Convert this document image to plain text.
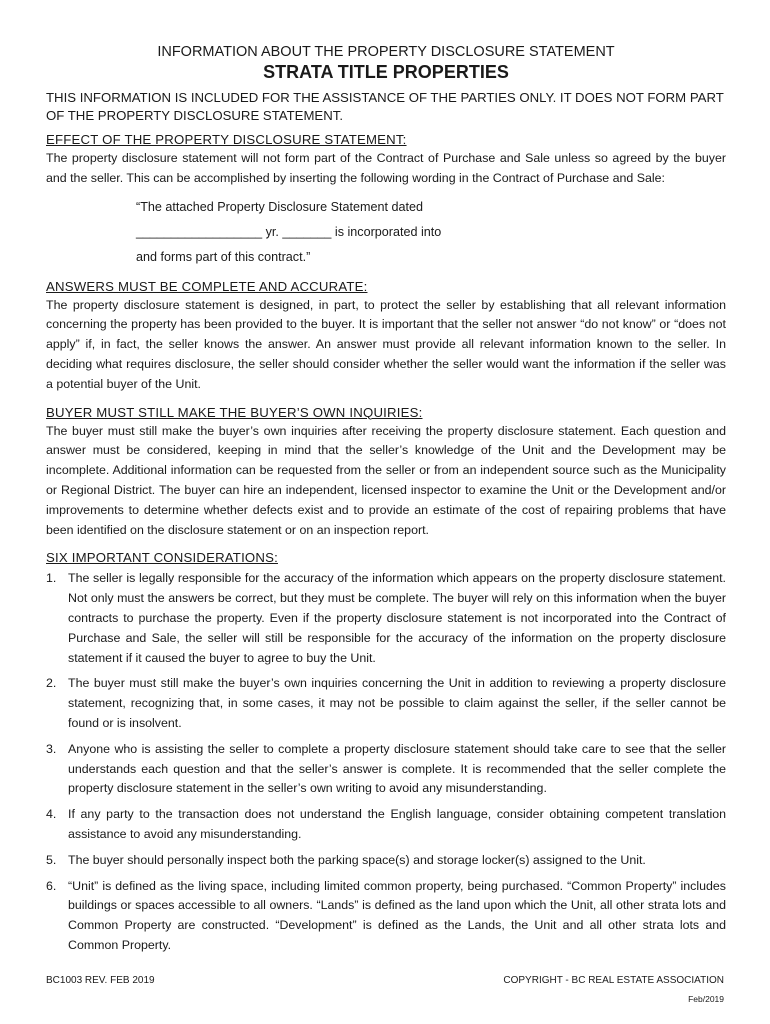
INFORMATION ABOUT THE PROPERTY DISCLOSURE STATEMENT
STRATA TITLE PROPERTIES
THIS INFORMATION IS INCLUDED FOR THE ASSISTANCE OF THE PARTIES ONLY. IT DOES NOT FORM PART OF THE PROPERTY DISCLOSURE STATEMENT.
EFFECT OF THE PROPERTY DISCLOSURE STATEMENT:
The property disclosure statement will not form part of the Contract of Purchase and Sale unless so agreed by the buyer and the seller. This can be accomplished by inserting the following wording in the Contract of Purchase and Sale:
“The attached Property Disclosure Statement dated
__________________ yr. _______ is incorporated into
and forms part of this contract.”
ANSWERS MUST BE COMPLETE AND ACCURATE:
The property disclosure statement is designed, in part, to protect the seller by establishing that all relevant information concerning the property has been provided to the buyer. It is important that the seller not answer “do not know” or “does not apply” if, in fact, the seller knows the answer. An answer must provide all relevant information known to the seller. In deciding what requires disclosure, the seller should consider whether the seller would want the information if the seller was a potential buyer of the Unit.
BUYER MUST STILL MAKE THE BUYER’S OWN INQUIRIES:
The buyer must still make the buyer’s own inquiries after receiving the property disclosure statement. Each question and answer must be considered, keeping in mind that the seller’s knowledge of the Unit and the Development may be incomplete. Additional information can be requested from the seller or from an independent source such as the Municipality or Regional District. The buyer can hire an independent, licensed inspector to examine the Unit or the Development and/or improvements to determine whether defects exist and to provide an estimate of the cost of repairing problems that have been identified on the disclosure statement or on an inspection report.
SIX IMPORTANT CONSIDERATIONS:
1. The seller is legally responsible for the accuracy of the information which appears on the property disclosure statement. Not only must the answers be correct, but they must be complete. The buyer will rely on this information when the buyer contracts to purchase the property. Even if the property disclosure statement is not incorporated into the Contract of Purchase and Sale, the seller will still be responsible for the accuracy of the information on the property disclosure statement if it caused the buyer to agree to buy the Unit.
2. The buyer must still make the buyer’s own inquiries concerning the Unit in addition to reviewing a property disclosure statement, recognizing that, in some cases, it may not be possible to claim against the seller, if the seller cannot be found or is insolvent.
3. Anyone who is assisting the seller to complete a property disclosure statement should take care to see that the seller understands each question and that the seller’s answer is complete. It is recommended that the seller complete the property disclosure statement in the seller’s own writing to avoid any misunderstanding.
4. If any party to the transaction does not understand the English language, consider obtaining competent translation assistance to avoid any misunderstanding.
5. The buyer should personally inspect both the parking space(s) and storage locker(s) assigned to the Unit.
6. “Unit” is defined as the living space, including limited common property, being purchased. “Common Property” includes buildings or spaces accessible to all owners. “Lands” is defined as the land upon which the Unit, all other strata lots and Common Property are constructed. “Development” is defined as the Lands, the Unit and all other strata lots and Common Property.
BC1003 REV. FEB 2019	COPYRIGHT - BC REAL ESTATE ASSOCIATION
Feb/2019
